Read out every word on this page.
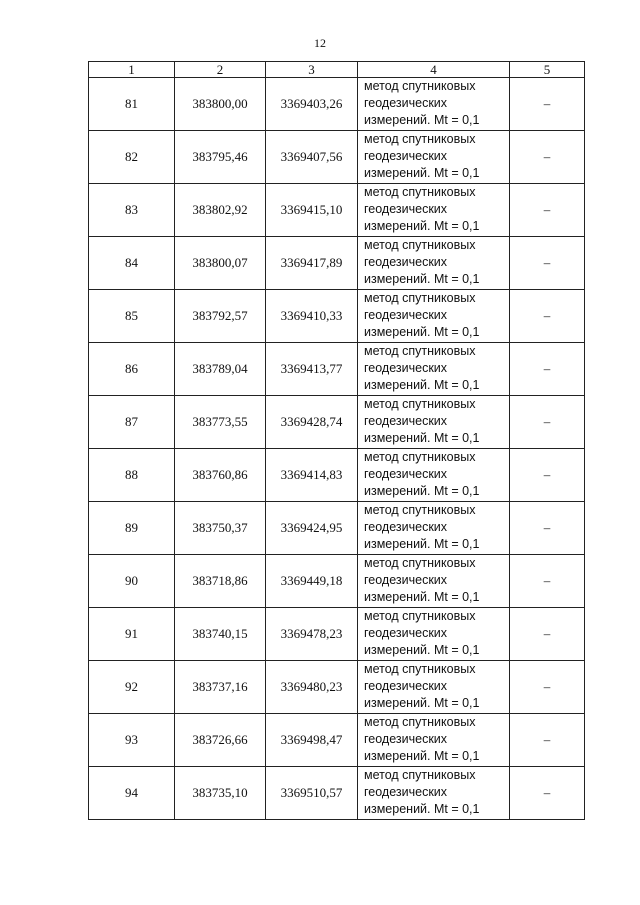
12
1	2	3	4	5
81	383800,00	3369403,26	метод спутниковых
геодезических
измерений. Mt = 0,1	–
82	383795,46	3369407,56	метод спутниковых
геодезических
измерений. Mt = 0,1	–
83	383802,92	3369415,10	метод спутниковых
геодезических
измерений. Mt = 0,1	–
84	383800,07	3369417,89	метод спутниковых
геодезических
измерений. Mt = 0,1	–
85	383792,57	3369410,33	метод спутниковых
геодезических
измерений. Mt = 0,1	–
86	383789,04	3369413,77	метод спутниковых
геодезических
измерений. Mt = 0,1	–
87	383773,55	3369428,74	метод спутниковых
геодезических
измерений. Mt = 0,1	–
88	383760,86	3369414,83	метод спутниковых
геодезических
измерений. Mt = 0,1	–
89	383750,37	3369424,95	метод спутниковых
геодезических
измерений. Mt = 0,1	–
90	383718,86	3369449,18	метод спутниковых
геодезических
измерений. Mt = 0,1	–
91	383740,15	3369478,23	метод спутниковых
геодезических
измерений. Mt = 0,1	–
92	383737,16	3369480,23	метод спутниковых
геодезических
измерений. Mt = 0,1	–
93	383726,66	3369498,47	метод спутниковых
геодезических
измерений. Mt = 0,1	–
94	383735,10	3369510,57	метод спутниковых
геодезических
измерений. Mt = 0,1	–
